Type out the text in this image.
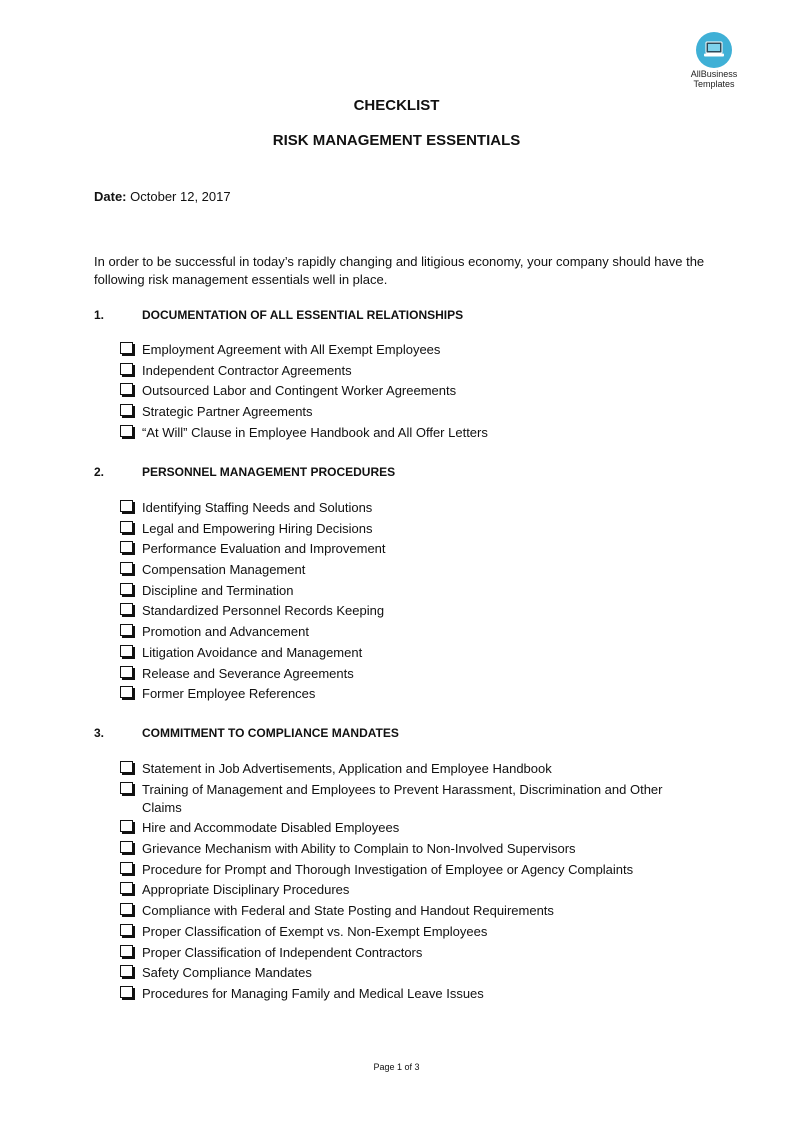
AllBusiness
Templates
CHECKLIST
RISK MANAGEMENT ESSENTIALS
Date: October 12, 2017
In order to be successful in today’s rapidly changing and litigious economy, your company should have the following risk management essentials well in place.
1.	DOCUMENTATION OF ALL ESSENTIAL RELATIONSHIPS
Employment Agreement with All Exempt Employees
Independent Contractor Agreements
Outsourced Labor and Contingent Worker Agreements
Strategic Partner Agreements
“At Will” Clause in Employee Handbook and All Offer Letters
2.	PERSONNEL MANAGEMENT PROCEDURES
Identifying Staffing Needs and Solutions
Legal and Empowering Hiring Decisions
Performance Evaluation and Improvement
Compensation Management
Discipline and Termination
Standardized Personnel Records Keeping
Promotion and Advancement
Litigation Avoidance and Management
Release and Severance Agreements
Former Employee References
3.	COMMITMENT TO COMPLIANCE MANDATES
Statement in Job Advertisements, Application and Employee Handbook
Training of Management and Employees to Prevent Harassment, Discrimination and Other Claims
Hire and Accommodate Disabled Employees
Grievance Mechanism with Ability to Complain to Non-Involved Supervisors
Procedure for Prompt and Thorough Investigation of Employee or Agency Complaints
Appropriate Disciplinary Procedures
Compliance with Federal and State Posting and Handout Requirements
Proper Classification of Exempt vs. Non-Exempt Employees
Proper Classification of Independent Contractors
Safety Compliance Mandates
Procedures for Managing Family and Medical Leave Issues
Page 1 of 3
